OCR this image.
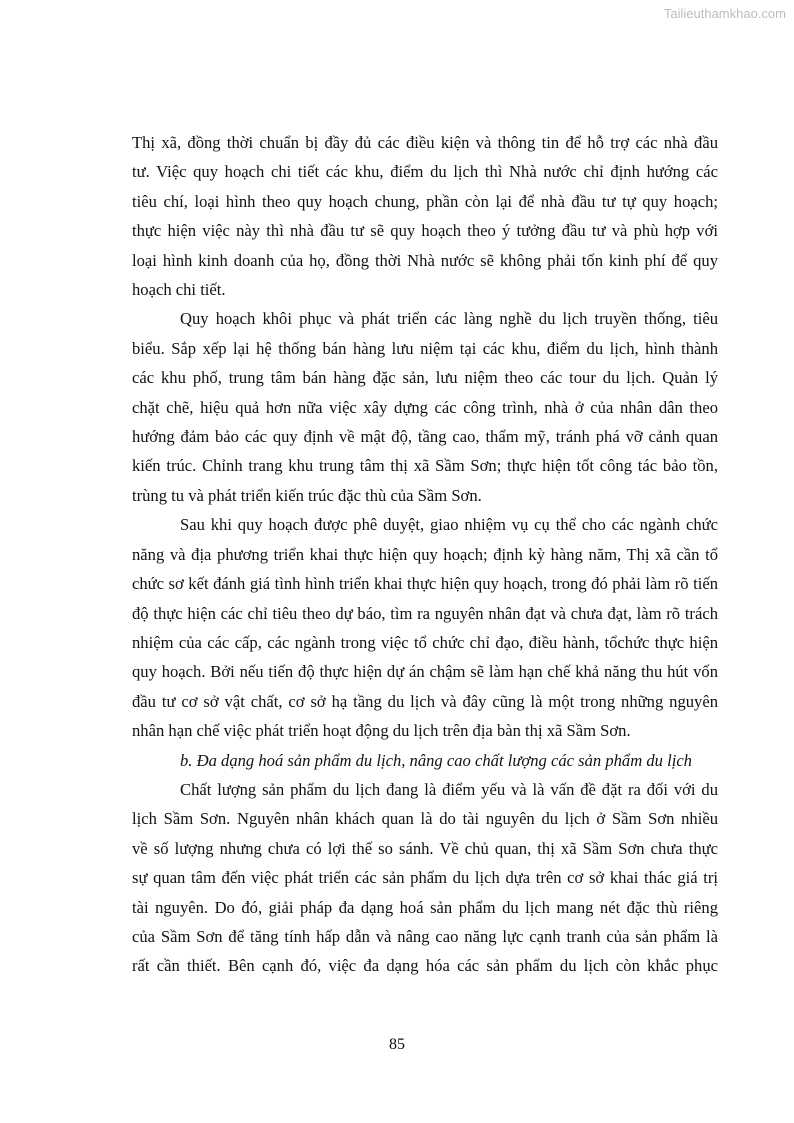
Tailieuthamkhao.com
Thị xã, đồng thời chuẩn bị đầy đủ các điều kiện và thông tin để hỗ trợ các nhà đầu
tư. Việc quy hoạch chi tiết các khu, điểm du lịch thì Nhà nước chỉ định hướng các
tiêu chí, loại hình theo quy hoạch chung, phần còn lại để nhà đầu tư tự quy hoạch;
thực hiện việc này thì nhà đầu tư sẽ quy hoạch theo ý tưởng đầu tư và phù hợp với
loại hình kinh doanh của họ, đồng thời Nhà nước sẽ không phải tốn kinh phí để quy
hoạch chi tiết.
Quy hoạch khôi phục và phát triển các làng nghề du lịch truyền thống, tiêu
biểu. Sắp xếp lại hệ thống bán hàng lưu niệm tại các khu, điểm du lịch, hình thành
các khu phố, trung tâm bán hàng đặc sản, lưu niệm theo các tour du lịch. Quản lý
chặt chẽ, hiệu quả hơn nữa việc xây dựng các công trình, nhà ở của nhân dân theo
hướng đảm bảo các quy định về mật độ, tầng cao, thẩm mỹ, tránh phá vỡ cảnh quan
kiến trúc. Chỉnh trang khu trung tâm thị xã Sầm Sơn; thực hiện tốt công tác bảo tồn,
trùng tu và phát triển kiến trúc đặc thù của Sầm Sơn.
Sau khi quy hoạch được phê duyệt, giao nhiệm vụ cụ thể cho các ngành chức
năng và địa phương triển khai thực hiện quy hoạch; định kỳ hàng năm, Thị xã cần tổ
chức sơ kết đánh giá tình hình triển khai thực hiện quy hoạch, trong đó phải làm rõ tiến
độ thực hiện các chỉ tiêu theo dự báo, tìm ra nguyên nhân đạt và chưa đạt, làm rõ trách
nhiệm của các cấp, các ngành trong việc tổ chức chỉ đạo, điều hành, tổchức thực hiện
quy hoạch. Bởi nếu tiến độ thực hiện dự án chậm sẽ làm hạn chế khả năng thu hút vốn
đầu tư cơ sở vật chất, cơ sở hạ tầng du lịch và đây cũng là một trong những nguyên
nhân hạn chế việc phát triển hoạt động du lịch trên địa bàn thị xã Sầm Sơn.
b. Đa dạng hoá sản phẩm du lịch, nâng cao chất lượng các sản phẩm du lịch
Chất lượng sản phẩm du lịch đang là điểm yếu và là vấn đề đặt ra đối với du
lịch Sầm Sơn. Nguyên nhân khách quan là do tài nguyên du lịch ở Sầm Sơn nhiều
về số lượng nhưng chưa có lợi thế so sánh. Về chủ quan, thị xã Sầm Sơn chưa thực
sự quan tâm đến việc phát triển các sản phẩm du lịch dựa trên cơ sở khai thác giá trị
tài nguyên. Do đó, giải pháp đa dạng hoá sản phẩm du lịch mang nét đặc thù riêng
của Sầm Sơn để tăng tính hấp dẫn và nâng cao năng lực cạnh tranh của sản phẩm là
rất cần thiết. Bên cạnh đó, việc đa dạng hóa các sản phẩm du lịch còn khắc phục
85
